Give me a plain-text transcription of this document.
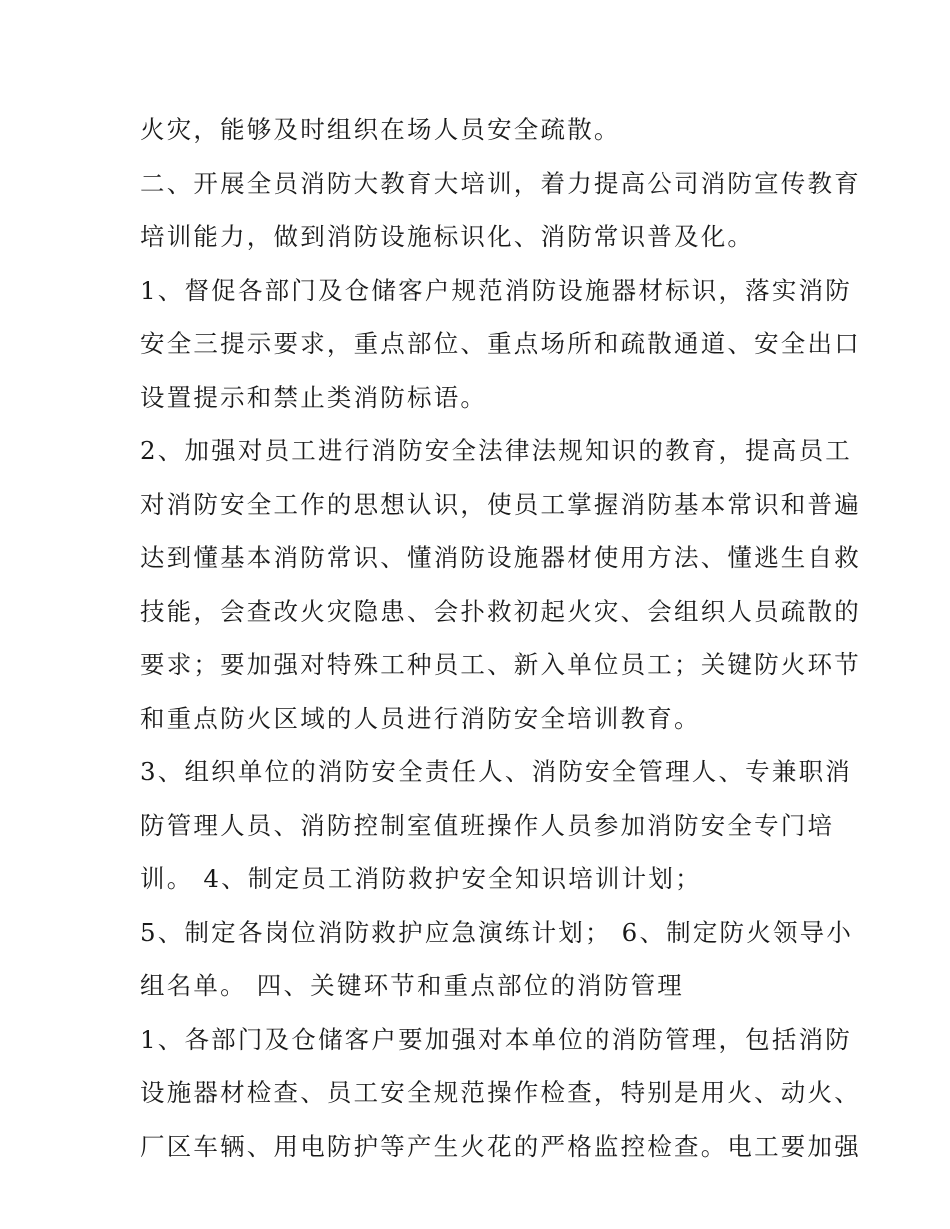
火灾，能够及时组织在场人员安全疏散。
二、开展全员消防大教育大培训，着力提高公司消防宣传教育
培训能力，做到消防设施标识化、消防常识普及化。
1、督促各部门及仓储客户规范消防设施器材标识，落实消防
安全三提示要求，重点部位、重点场所和疏散通道、安全出口
设置提示和禁止类消防标语。
2、加强对员工进行消防安全法律法规知识的教育，提高员工
对消防安全工作的思想认识，使员工掌握消防基本常识和普遍
达到懂基本消防常识、懂消防设施器材使用方法、懂逃生自救
技能，会查改火灾隐患、会扑救初起火灾、会组织人员疏散的
要求；要加强对特殊工种员工、新入单位员工；关键防火环节
和重点防火区域的人员进行消防安全培训教育。
3、组织单位的消防安全责任人、消防安全管理人、专兼职消
防管理人员、消防控制室值班操作人员参加消防安全专门培
训。 4、制定员工消防救护安全知识培训计划；
5、制定各岗位消防救护应急演练计划； 6、制定防火领导小
组名单。 四、关键环节和重点部位的消防管理
1、各部门及仓储客户要加强对本单位的消防管理，包括消防
设施器材检查、员工安全规范操作检查，特别是用火、动火、
厂区车辆、用电防护等产生火花的严格监控检查。电工要加强
